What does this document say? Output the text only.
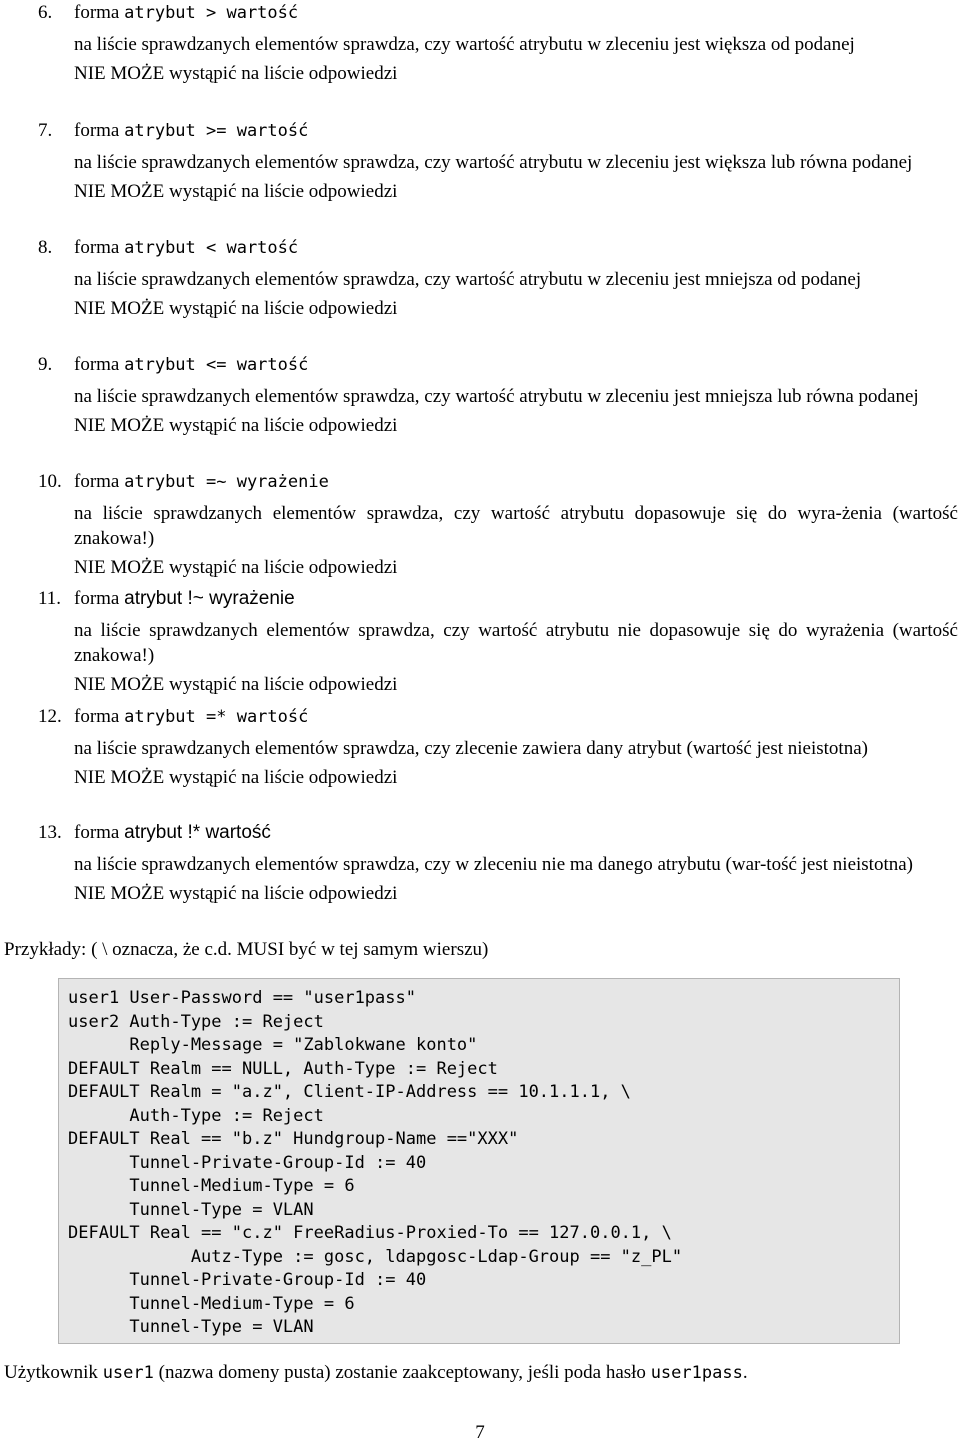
6. forma atrybut > wartość
na liście sprawdzanych elementów sprawdza, czy wartość atrybutu w zleceniu jest większa od podanej
NIE MOŻE wystąpić na liście odpowiedzi
7. forma atrybut >= wartość
na liście sprawdzanych elementów sprawdza, czy wartość atrybutu w zleceniu jest większa lub równa podanej
NIE MOŻE wystąpić na liście odpowiedzi
8. forma atrybut < wartość
na liście sprawdzanych elementów sprawdza, czy wartość atrybutu w zleceniu jest mniejsza od podanej
NIE MOŻE wystąpić na liście odpowiedzi
9. forma atrybut <= wartość
na liście sprawdzanych elementów sprawdza, czy wartość atrybutu w zleceniu jest mniejsza lub równa podanej
NIE MOŻE wystąpić na liście odpowiedzi
10. forma atrybut =~ wyrażenie
na liście sprawdzanych elementów sprawdza, czy wartość atrybutu dopasowuje się do wyra-żenia (wartość znakowa!)
NIE MOŻE wystąpić na liście odpowiedzi
11. forma atrybut !~ wyrażenie
na liście sprawdzanych elementów sprawdza, czy wartość atrybutu nie dopasowuje się do wyrażenia (wartość znakowa!)
NIE MOŻE wystąpić na liście odpowiedzi
12. forma atrybut =* wartość
na liście sprawdzanych elementów sprawdza, czy zlecenie zawiera dany atrybut (wartość jest nieistotna)
NIE MOŻE wystąpić na liście odpowiedzi
13. forma atrybut !* wartość
na liście sprawdzanych elementów sprawdza, czy w zleceniu nie ma danego atrybutu (war-tość jest nieistotna)
NIE MOŻE wystąpić na liście odpowiedzi
Przykłady: ( \ oznacza, że c.d. MUSI być w tej samym wierszu)
user1 User-Password == "user1pass"
user2 Auth-Type := Reject
Reply-Message = "Zablokwane konto"
DEFAULT Realm == NULL, Auth-Type := Reject
DEFAULT Realm = "a.z", Client-IP-Address == 10.1.1.1, \
Auth-Type := Reject
DEFAULT Real == "b.z" Hundgroup-Name =="XXX"
Tunnel-Private-Group-Id := 40
Tunnel-Medium-Type = 6
Tunnel-Type = VLAN
DEFAULT Real == "c.z" FreeRadius-Proxied-To == 127.0.0.1, \
Autz-Type := gosc, ldapgosc-Ldap-Group == "z_PL"
Tunnel-Private-Group-Id := 40
Tunnel-Medium-Type = 6
Tunnel-Type = VLAN
Użytkownik user1 (nazwa domeny pusta) zostanie zaakceptowany, jeśli poda hasło user1pass.
7
